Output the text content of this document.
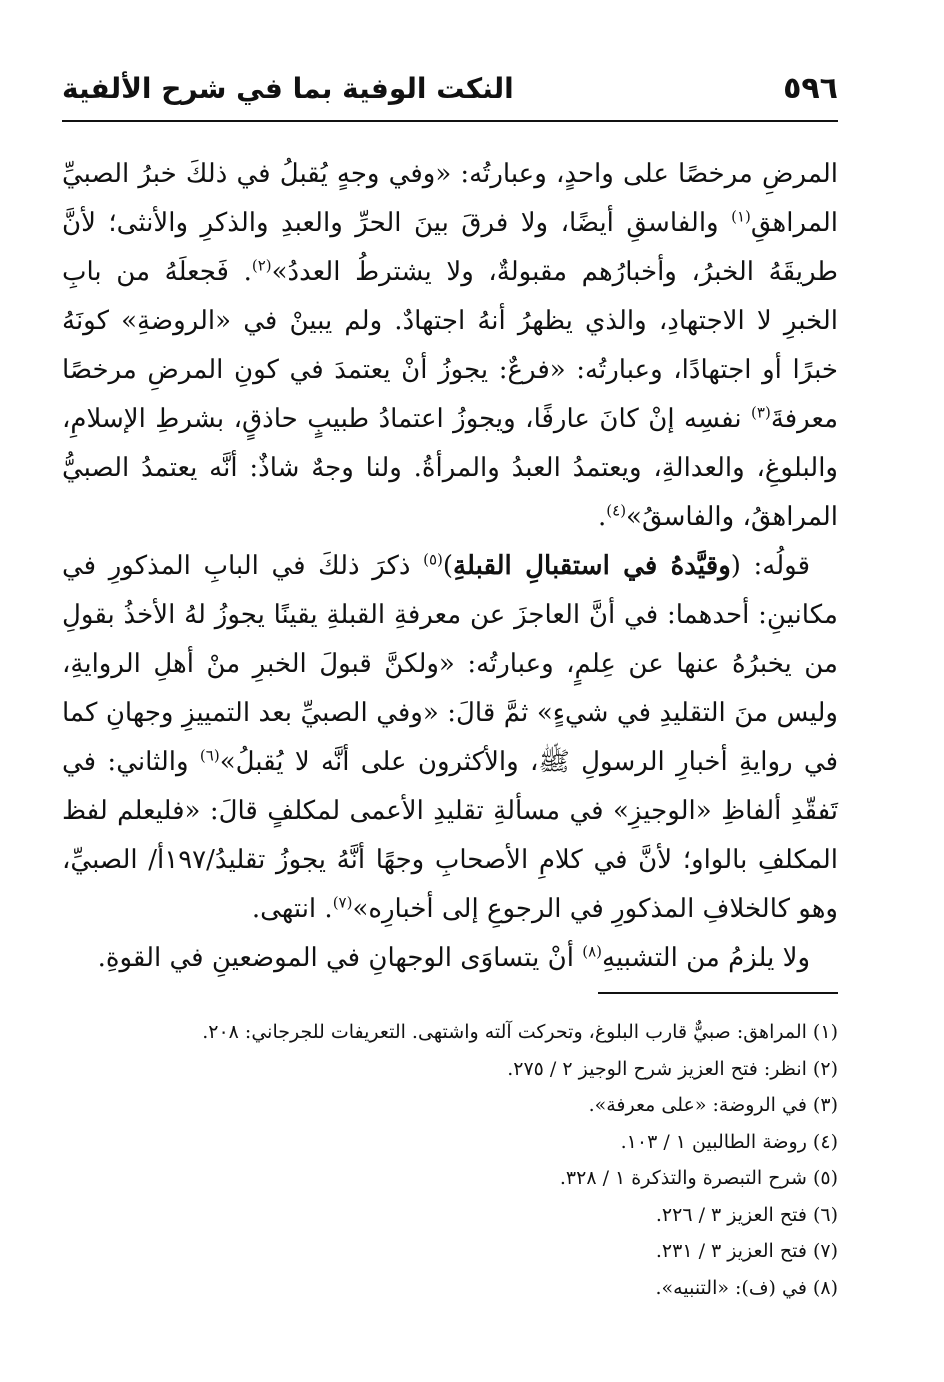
٥٩٦
النكت الوفية بما في شرح الألفية

المرضِ مرخصًا على واحدٍ، وعبارتُه: «وفي وجهٍ يُقبلُ في ذلكَ خبرُ الصبيِّ المراهقِ$^{(١)}$ والفاسقِ أيضًا، ولا فرقَ بينَ الحرِّ والعبدِ والذكرِ والأنثى؛ لأنَّ طريقَهُ الخبرُ، وأخبارُهم مقبولةٌ، ولا يشترطُ العددُ»$^{(٢)}$. فَجعلَهُ من بابِ الخبرِ لا الاجتهادِ، والذي يظهرُ أنهُ اجتهادٌ. ولم يبينْ في «الروضةِ» كونَهُ خبرًا أو اجتهادًا، وعبارتُه: «فرعٌ: يجوزُ أنْ يعتمدَ في كونِ المرضِ مرخصًا معرفةَ$^{(٣)}$ نفسِه إنْ كانَ عارفًا، ويجوزُ اعتمادُ طبيبٍ حاذقٍ، بشرطِ الإسلامِ، والبلوغِ، والعدالةِ، ويعتمدُ العبدُ والمرأةُ. ولنا وجهٌ شاذٌ: أنَّه يعتمدُ الصبيُّ المراهقُ، والفاسقُ»$^{(٤)}$.

قولُه: (وقيَّدهُ في استقبالِ القبلةِ)$^{(٥)}$ ذكرَ ذلكَ في البابِ المذكورِ في مكانينِ: أحدهما: في أنَّ العاجزَ عن معرفةِ القبلةِ يقينًا يجوزُ لهُ الأخذُ بقولِ من يخبرُهُ عنها عن عِلمٍ، وعبارتُه: «ولكنَّ قبولَ الخبرِ منْ أهلِ الروايةِ، وليس منَ التقليدِ في شيءٍ» ثمَّ قالَ: «وفي الصبيِّ بعد التمييزِ وجهانِ كما في روايةِ أخبارِ الرسولِ ﷺ، والأكثرون على أنَّه لا يُقبلُ»$^{(٦)}$ والثاني: في تَفقّدِ ألفاظِ «الوجيزِ» في مسألةِ تقليدِ الأعمى لمكلفٍ قالَ: «فليعلم لفظ المكلفِ بالواو؛ لأنَّ في كلامِ الأصحابِ وجهًا أنَّهُ يجوزُ تقليدُ/١٩٧أ/ الصبيِّ، وهو كالخلافِ المذكورِ في الرجوعِ إلى أخبارِه»$^{(٧)}$. انتهى.

ولا يلزمُ من التشبيهِ$^{(٨)}$ أنْ يتساوَى الوجهانِ في الموضعينِ في القوةِ.

(١) المراهق: صبيٌّ قارب البلوغ، وتحركت آلته واشتهى. التعريفات للجرجاني: ٢٠٨.

(٢) انظر: فتح العزيز شرح الوجيز ٢ / ٢٧٥.

(٣) في الروضة: «على معرفة».

(٤) روضة الطالبين ١ / ١٠٣.

(٥) شرح التبصرة والتذكرة ١ / ٣٢٨.

(٦) فتح العزيز ٣ / ٢٢٦.

(٧) فتح العزيز ٣ / ٢٣١.

(٨) في (ف): «التنبيه».
